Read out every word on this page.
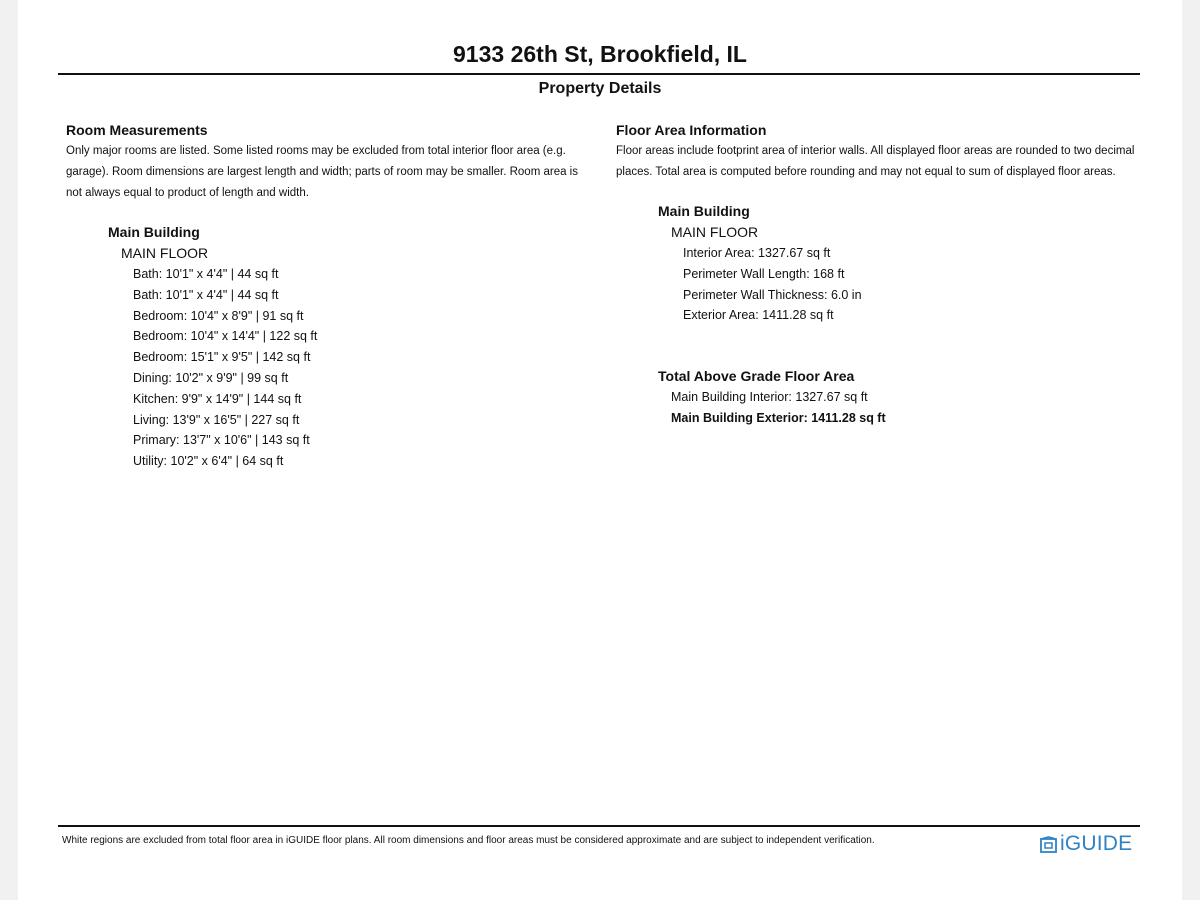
9133 26th St, Brookfield, IL
Property Details
Room Measurements
Only major rooms are listed. Some listed rooms may be excluded from total interior floor area (e.g. garage). Room dimensions are largest length and width; parts of room may be smaller. Room area is not always equal to product of length and width.
Main Building
MAIN FLOOR
Bath: 10'1" x 4'4" | 44 sq ft
Bath: 10'1" x 4'4" | 44 sq ft
Bedroom: 10'4" x 8'9" | 91 sq ft
Bedroom: 10'4" x 14'4" | 122 sq ft
Bedroom: 15'1" x 9'5" | 142 sq ft
Dining: 10'2" x 9'9" | 99 sq ft
Kitchen: 9'9" x 14'9" | 144 sq ft
Living: 13'9" x 16'5" | 227 sq ft
Primary: 13'7" x 10'6" | 143 sq ft
Utility: 10'2" x 6'4" | 64 sq ft
Floor Area Information
Floor areas include footprint area of interior walls. All displayed floor areas are rounded to two decimal places. Total area is computed before rounding and may not equal to sum of displayed floor areas.
Main Building
MAIN FLOOR
Interior Area: 1327.67 sq ft
Perimeter Wall Length: 168 ft
Perimeter Wall Thickness: 6.0 in
Exterior Area: 1411.28 sq ft
Total Above Grade Floor Area
Main Building Interior: 1327.67 sq ft
Main Building Exterior: 1411.28 sq ft
White regions are excluded from total floor area in iGUIDE floor plans. All room dimensions and floor areas must be considered approximate and are subject to independent verification.	iGUIDE
